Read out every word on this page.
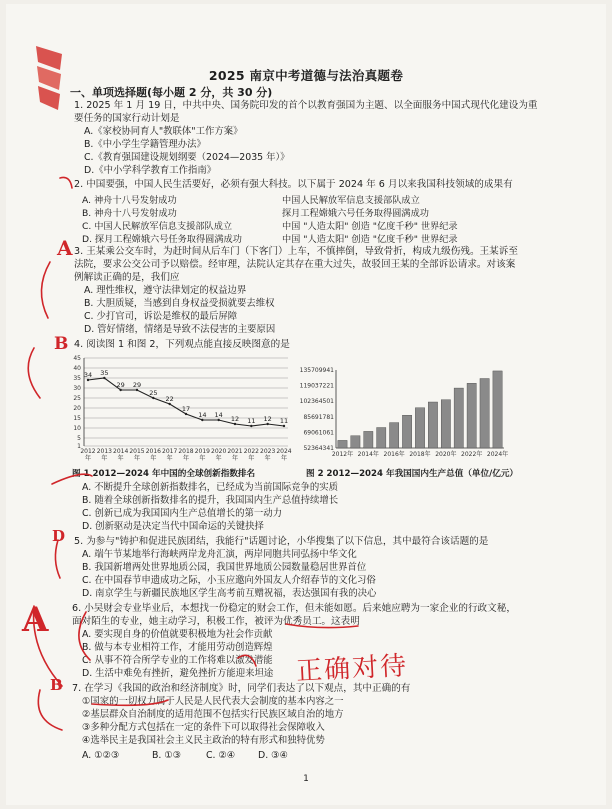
2025 南京中考道德与法治真题卷
一、单项选择题(每小题 2 分，共 30 分)
1. 2025 年 1 月 19 日，中共中央、国务院印发的首个以教育强国为主题、以全面服务中国式现代化建设为重
要任务的国家行动计划是
A.《家校协同育人"教联体"工作方案》
B.《中小学生学籍管理办法》
C.《教育强国建设规划纲要（2024—2035 年）》
D.《中小学科学教育工作指南》
2. 中国要强，中国人民生活要好，必须有强大科技。以下属于 2024 年 6 月以来我国科技领域的成果有
A. 神舟十八号发射成功	中国人民解放军信息支援部队成立
B. 神舟十八号发射成功	探月工程嫦娥六号任务取得圆满成功
C. 中国人民解放军信息支援部队成立	中国 "人造太阳" 创造 "亿度千秒" 世界纪录
D. 探月工程嫦娥六号任务取得圆满成功	中国 "人造太阳" 创造 "亿度千秒" 世界纪录
3. 王某乘公交车时，为赶时间从后车门（下客门）上车，不慎摔倒，导致骨折，构成九级伤残。王某诉至
法院，要求公交公司予以赔偿。经审理，法院认定其存在重大过失，故驳回王某的全部诉讼请求。对该案
例解读正确的是，我们应
A. 理性维权，遵守法律划定的权益边界
B. 大胆质疑，当感到自身权益受损就要去维权
C. 少打官司，诉讼是维权的最后屏障
D. 管好情绪，情绪是导致不法侵害的主要原因
4. 阅读图 1 和图 2，下列观点能直接反映图意的是
1
5
10
15
20
25
30
35
40
45
34 35
29 29
25
22
17
14 14 12 11 12 11
2012
年
2013
年
2014
年
2015
年
2016
年
2017
年
2018
年
2019
年
2020
年
2021
年
2022
年
2023
年
2024
年
52364341
69061061
85691781
102364501
119037221
135709941
2012年 2014年 2016年 2018年 2020年 2022年 2024年
图 1 2012—2024 年中国的全球创新指数排名	图 2 2012—2024 年我国国内生产总值（单位/亿元）
A. 不断提升全球创新指数排名，已经成为当前国际竞争的实质
B. 随着全球创新指数排名的提升，我国国内生产总值持续增长
C. 创新已成为我国国内生产总值增长的第一动力
D. 创新驱动是决定当代中国命运的关键抉择
5. 为参与"铸护和促进民族团结，我能行"话题讨论，小华搜集了以下信息，其中最符合该话题的是
A. 端午节某地举行海峡两岸龙舟汇演，两岸同胞共同弘扬中华文化
B. 我国新增两处世界地质公园，我国世界地质公园数量稳居世界首位
C. 在中国春节申遗成功之际，小玉应邀向外国友人介绍春节的文化习俗
D. 南京学生与新疆民族地区学生高考前互赠祝福，表达强国有我的决心
6. 小吴财会专业毕业后，本想找一份稳定的财会工作，但未能如愿。后来她应聘为一家企业的行政文秘，
面对陌生的专业，她主动学习，积极工作，被评为优秀员工。这表明
A. 要实现自身的价值就要积极地为社会作贡献
B. 做与本专业相符工作，才能用劳动创造辉煌
C. 从事不符合所学专业的工作将难以激发潜能
D. 生活中难免有挫折，避免挫折方能迎来坦途
7. 在学习《我国的政治和经济制度》时，同学们表达了以下观点，其中正确的有
①国家的一切权力属于人民是人民代表大会制度的基本内容之一
②基层群众自治制度的适用范围不包括实行民族区域自治的地方
③多种分配方式包括在一定的条件下可以取得社会保障收入
④选举民主是我国社会主义民主政治的特有形式和独特优势
A. ①②③	B. ①③	C. ②④ D. ③④
1
A
B
D
A
B	正确对待
